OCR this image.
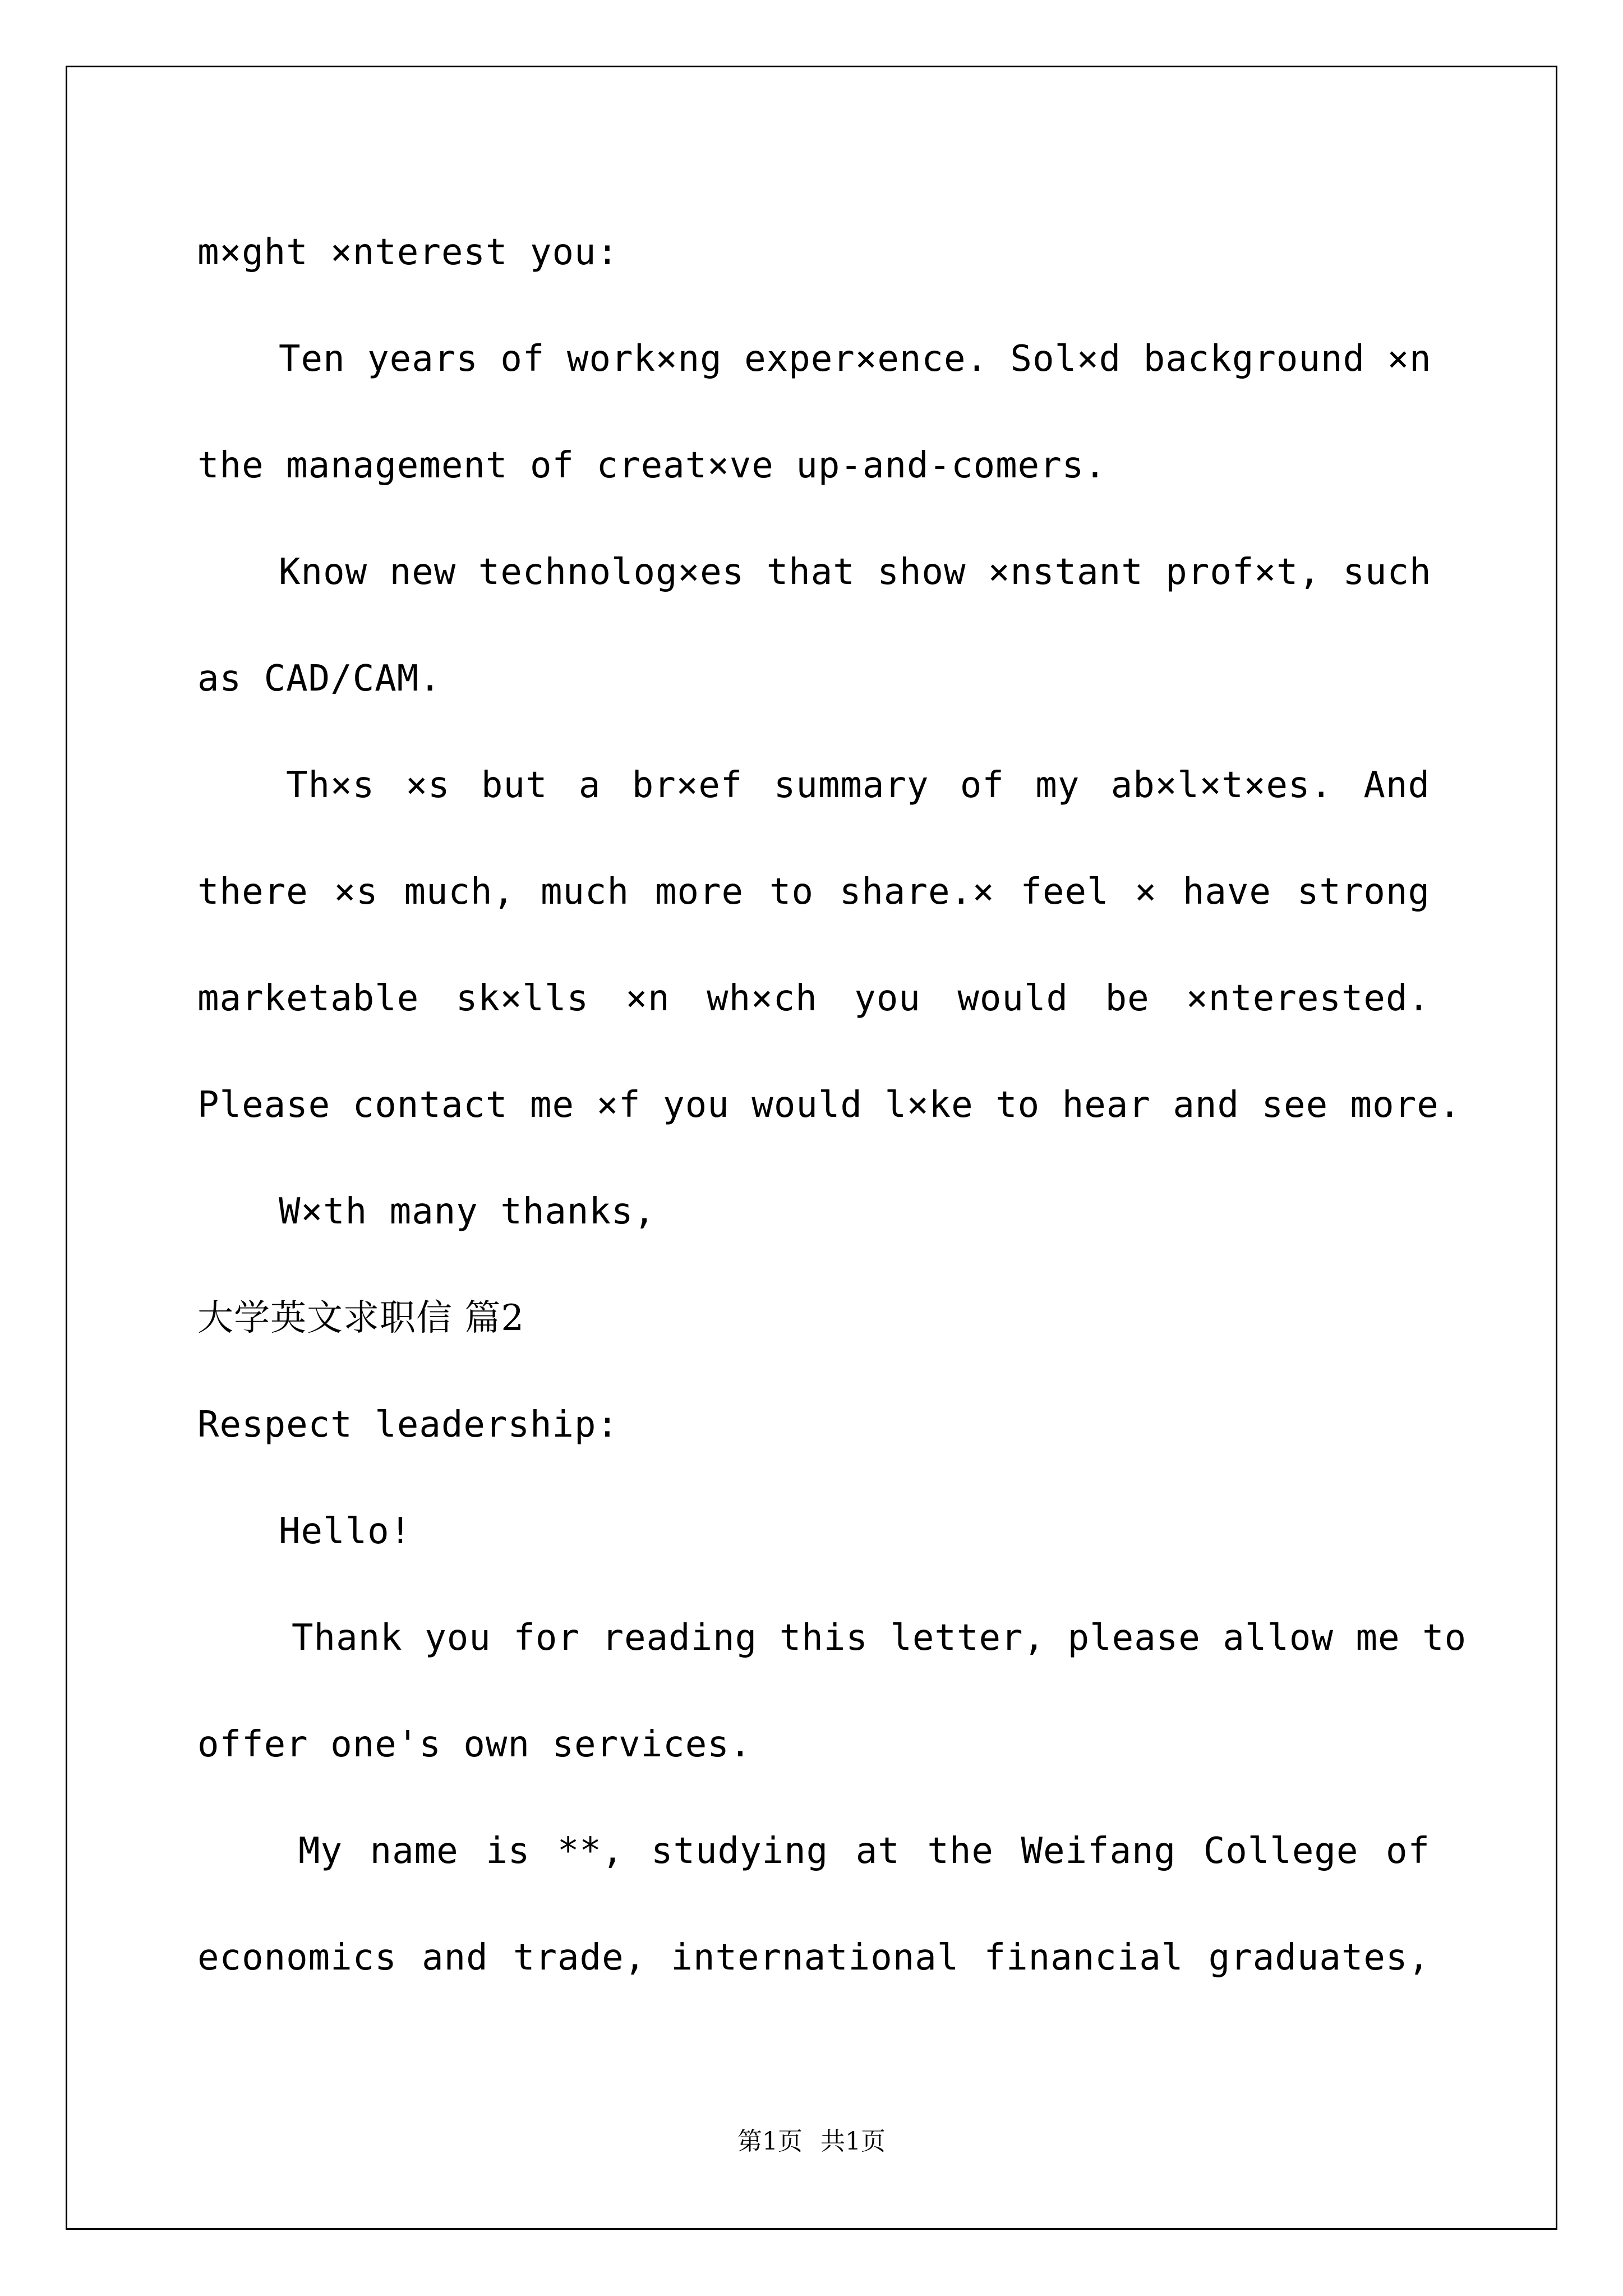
m×ght ×nterest you:
Ten years of work×ng exper×ence. Sol×d background ×n
the management of creat×ve up-and-comers.
Know new technolog×es that show ×nstant prof×t, such
as CAD/CAM.
Th×s ×s but a br×ef summary of my ab×l×t×es. And
there ×s much, much more to share.× feel × have strong
marketable sk×lls ×n wh×ch you would be ×nterested.
Please contact me ×f you would l×ke to hear and see more.
W×th many thanks,
大学英文求职信 篇2
Respect leadership:
Hello!
Thank you for reading this letter, please allow me to
offer one's own services.
My name is **, studying at the Weifang College of
economics and trade, international financial graduates,
第1页 共1页
